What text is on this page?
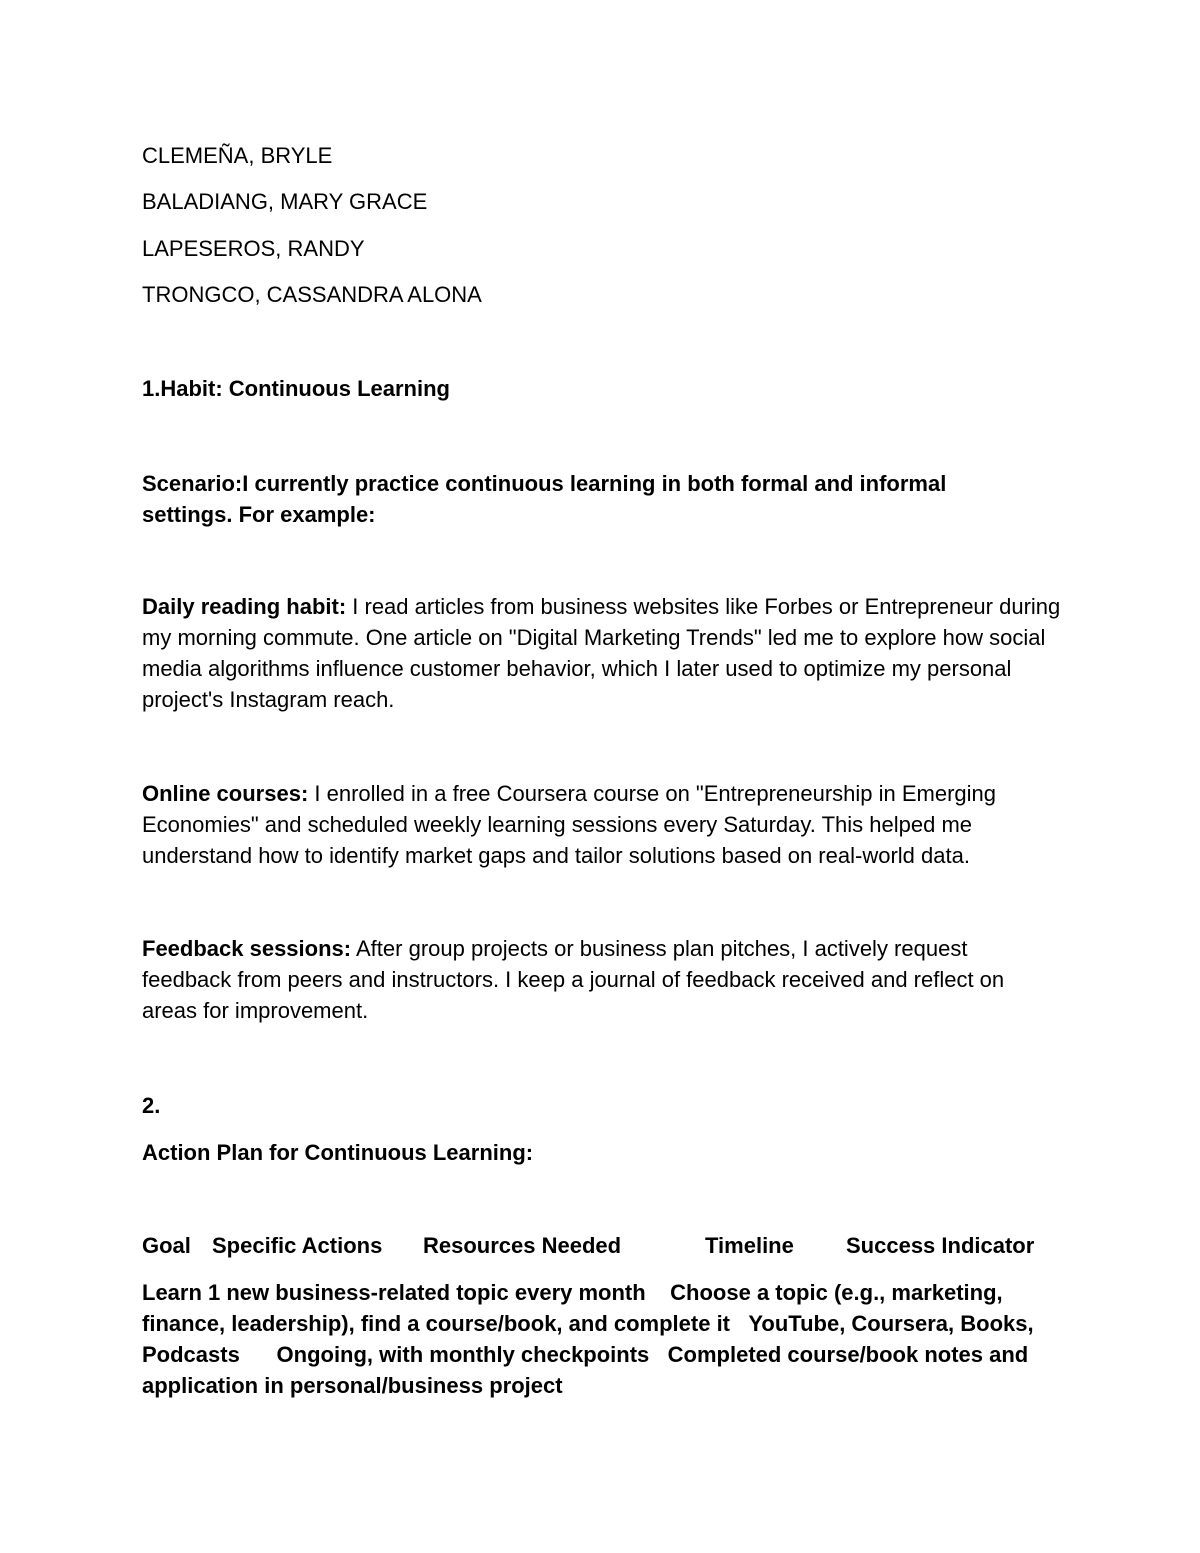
CLEMEÑA, BRYLE
BALADIANG, MARY GRACE
LAPESEROS, RANDY
TRONGCO, CASSANDRA ALONA
1.Habit: Continuous Learning
Scenario:I currently practice continuous learning in both formal and informal settings. For example:
Daily reading habit: I read articles from business websites like Forbes or Entrepreneur during my morning commute. One article on "Digital Marketing Trends" led me to explore how social media algorithms influence customer behavior, which I later used to optimize my personal project's Instagram reach.
Online courses: I enrolled in a free Coursera course on "Entrepreneurship in Emerging Economies" and scheduled weekly learning sessions every Saturday. This helped me understand how to identify market gaps and tailor solutions based on real-world data.
Feedback sessions: After group projects or business plan pitches, I actively request feedback from peers and instructors. I keep a journal of feedback received and reflect on areas for improvement.
2.
Action Plan for Continuous Learning:
Goal Specific Actions Resources Needed	Timeline Success Indicator
Learn 1 new business-related topic every month Choose a topic (e.g., marketing, finance, leadership), find a course/book, and complete it YouTube, Coursera, Books, Podcasts Ongoing, with monthly checkpoints Completed course/book notes and application in personal/business project
